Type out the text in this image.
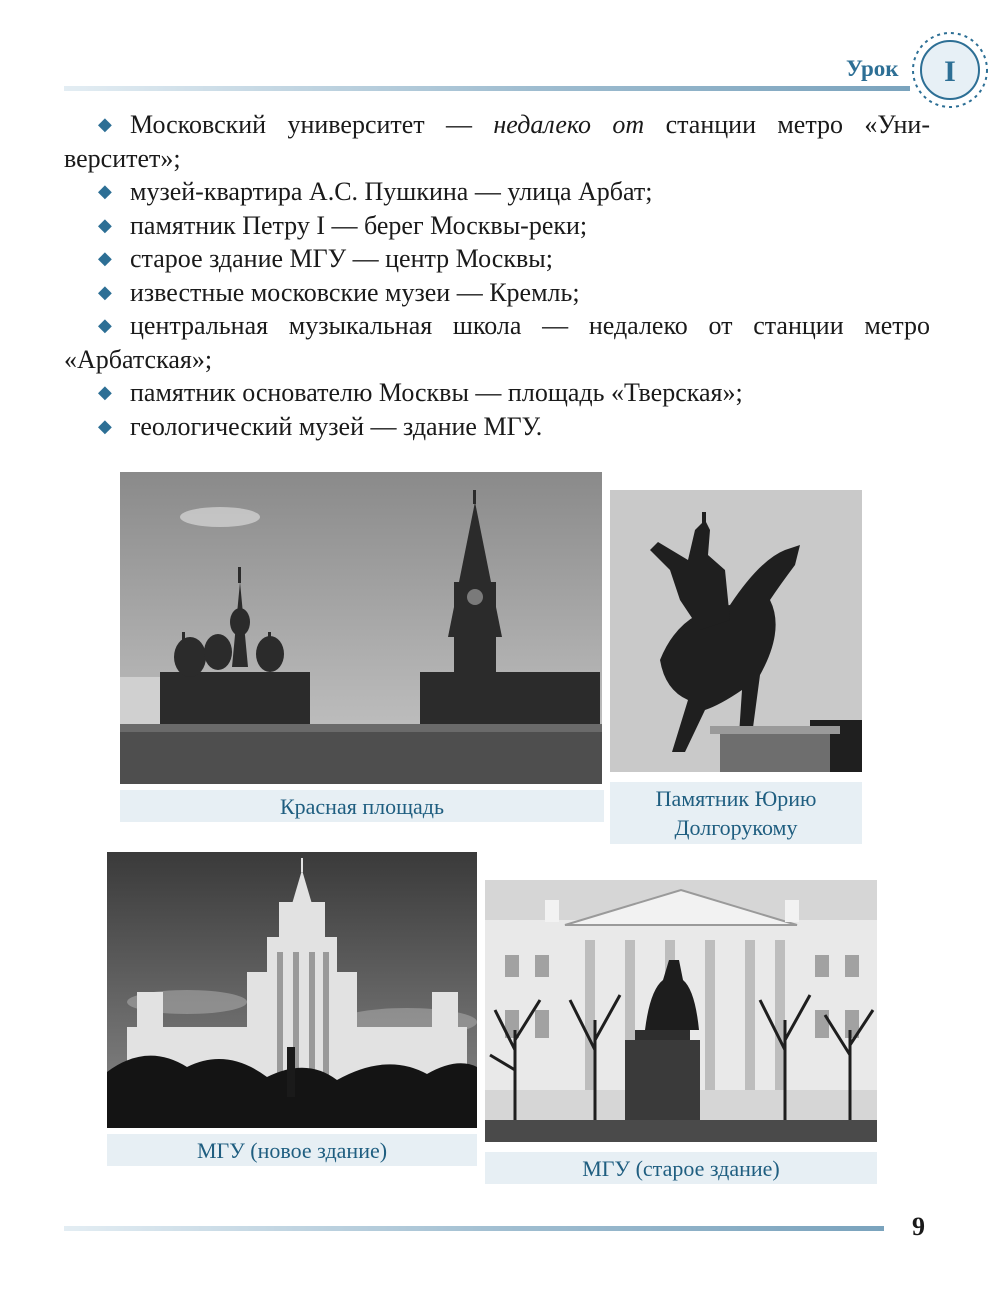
Урок I
◆ Московский университет — недалеко от станции метро «Уни-верситет»;
◆ музей-квартира А.С. Пушкина — улица Арбат;
◆ памятник Петру I — берег Москвы-реки;
◆ старое здание МГУ — центр Москвы;
◆ известные московские музеи — Кремль;
◆ центральная музыкальная школа — недалеко от станции метро «Арбатская»;
◆ памятник основателю Москвы — площадь «Тверская»;
◆ геологический музей — здание МГУ.
Красная площадь	Памятник Юрию
Долгорукому
МГУ (новое здание)
МГУ (старое здание)
9
